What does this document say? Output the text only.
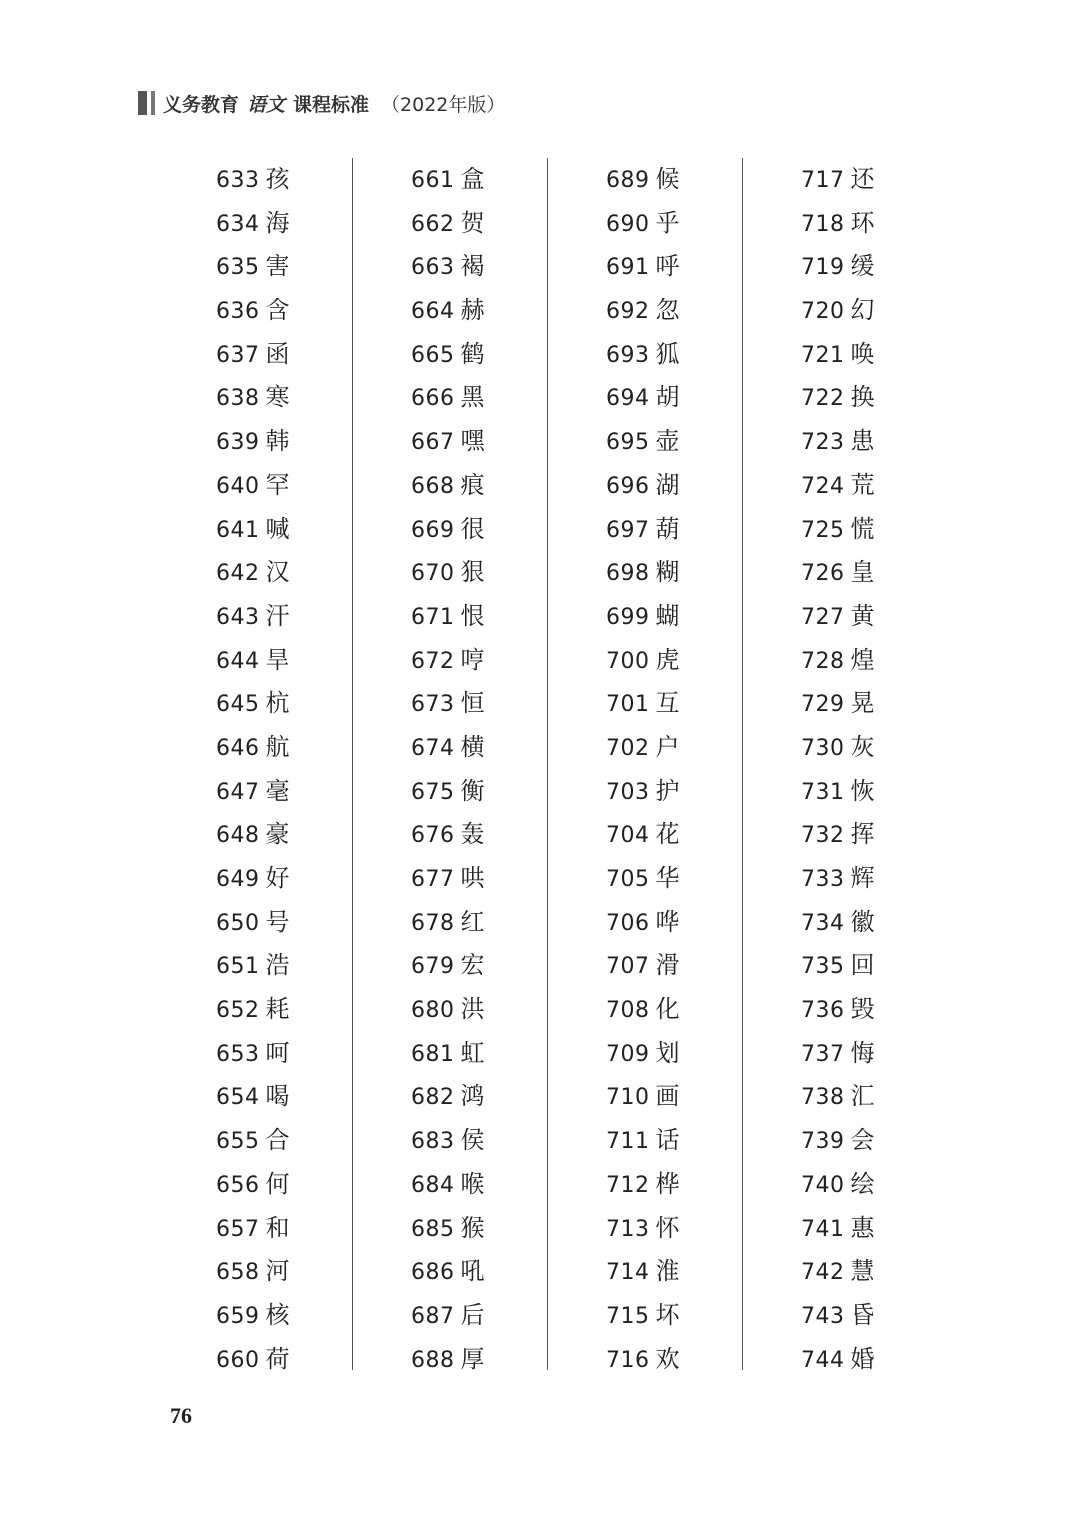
义务教育 语文 课程标准 （2022年版）
633 孩
634 海
635 害
636 含
637 函
638 寒
639 韩
640 罕
641 喊
642 汉
643 汗
644 旱
645 杭
646 航
647 毫
648 豪
649 好
650 号
651 浩
652 耗
653 呵
654 喝
655 合
656 何
657 和
658 河
659 核
660 荷
661 盒
662 贺
663 褐
664 赫
665 鹤
666 黑
667 嘿
668 痕
669 很
670 狠
671 恨
672 哼
673 恒
674 横
675 衡
676 轰
677 哄
678 红
679 宏
680 洪
681 虹
682 鸿
683 侯
684 喉
685 猴
686 吼
687 后
688 厚
689 候
690 乎
691 呼
692 忽
693 狐
694 胡
695 壶
696 湖
697 葫
698 糊
699 蝴
700 虎
701 互
702 户
703 护
704 花
705 华
706 哗
707 滑
708 化
709 划
710 画
711 话
712 桦
713 怀
714 淮
715 坏
716 欢
717 还
718 环
719 缓
720 幻
721 唤
722 换
723 患
724 荒
725 慌
726 皇
727 黄
728 煌
729 晃
730 灰
731 恢
732 挥
733 辉
734 徽
735 回
736 毁
737 悔
738 汇
739 会
740 绘
741 惠
742 慧
743 昏
744 婚
76
